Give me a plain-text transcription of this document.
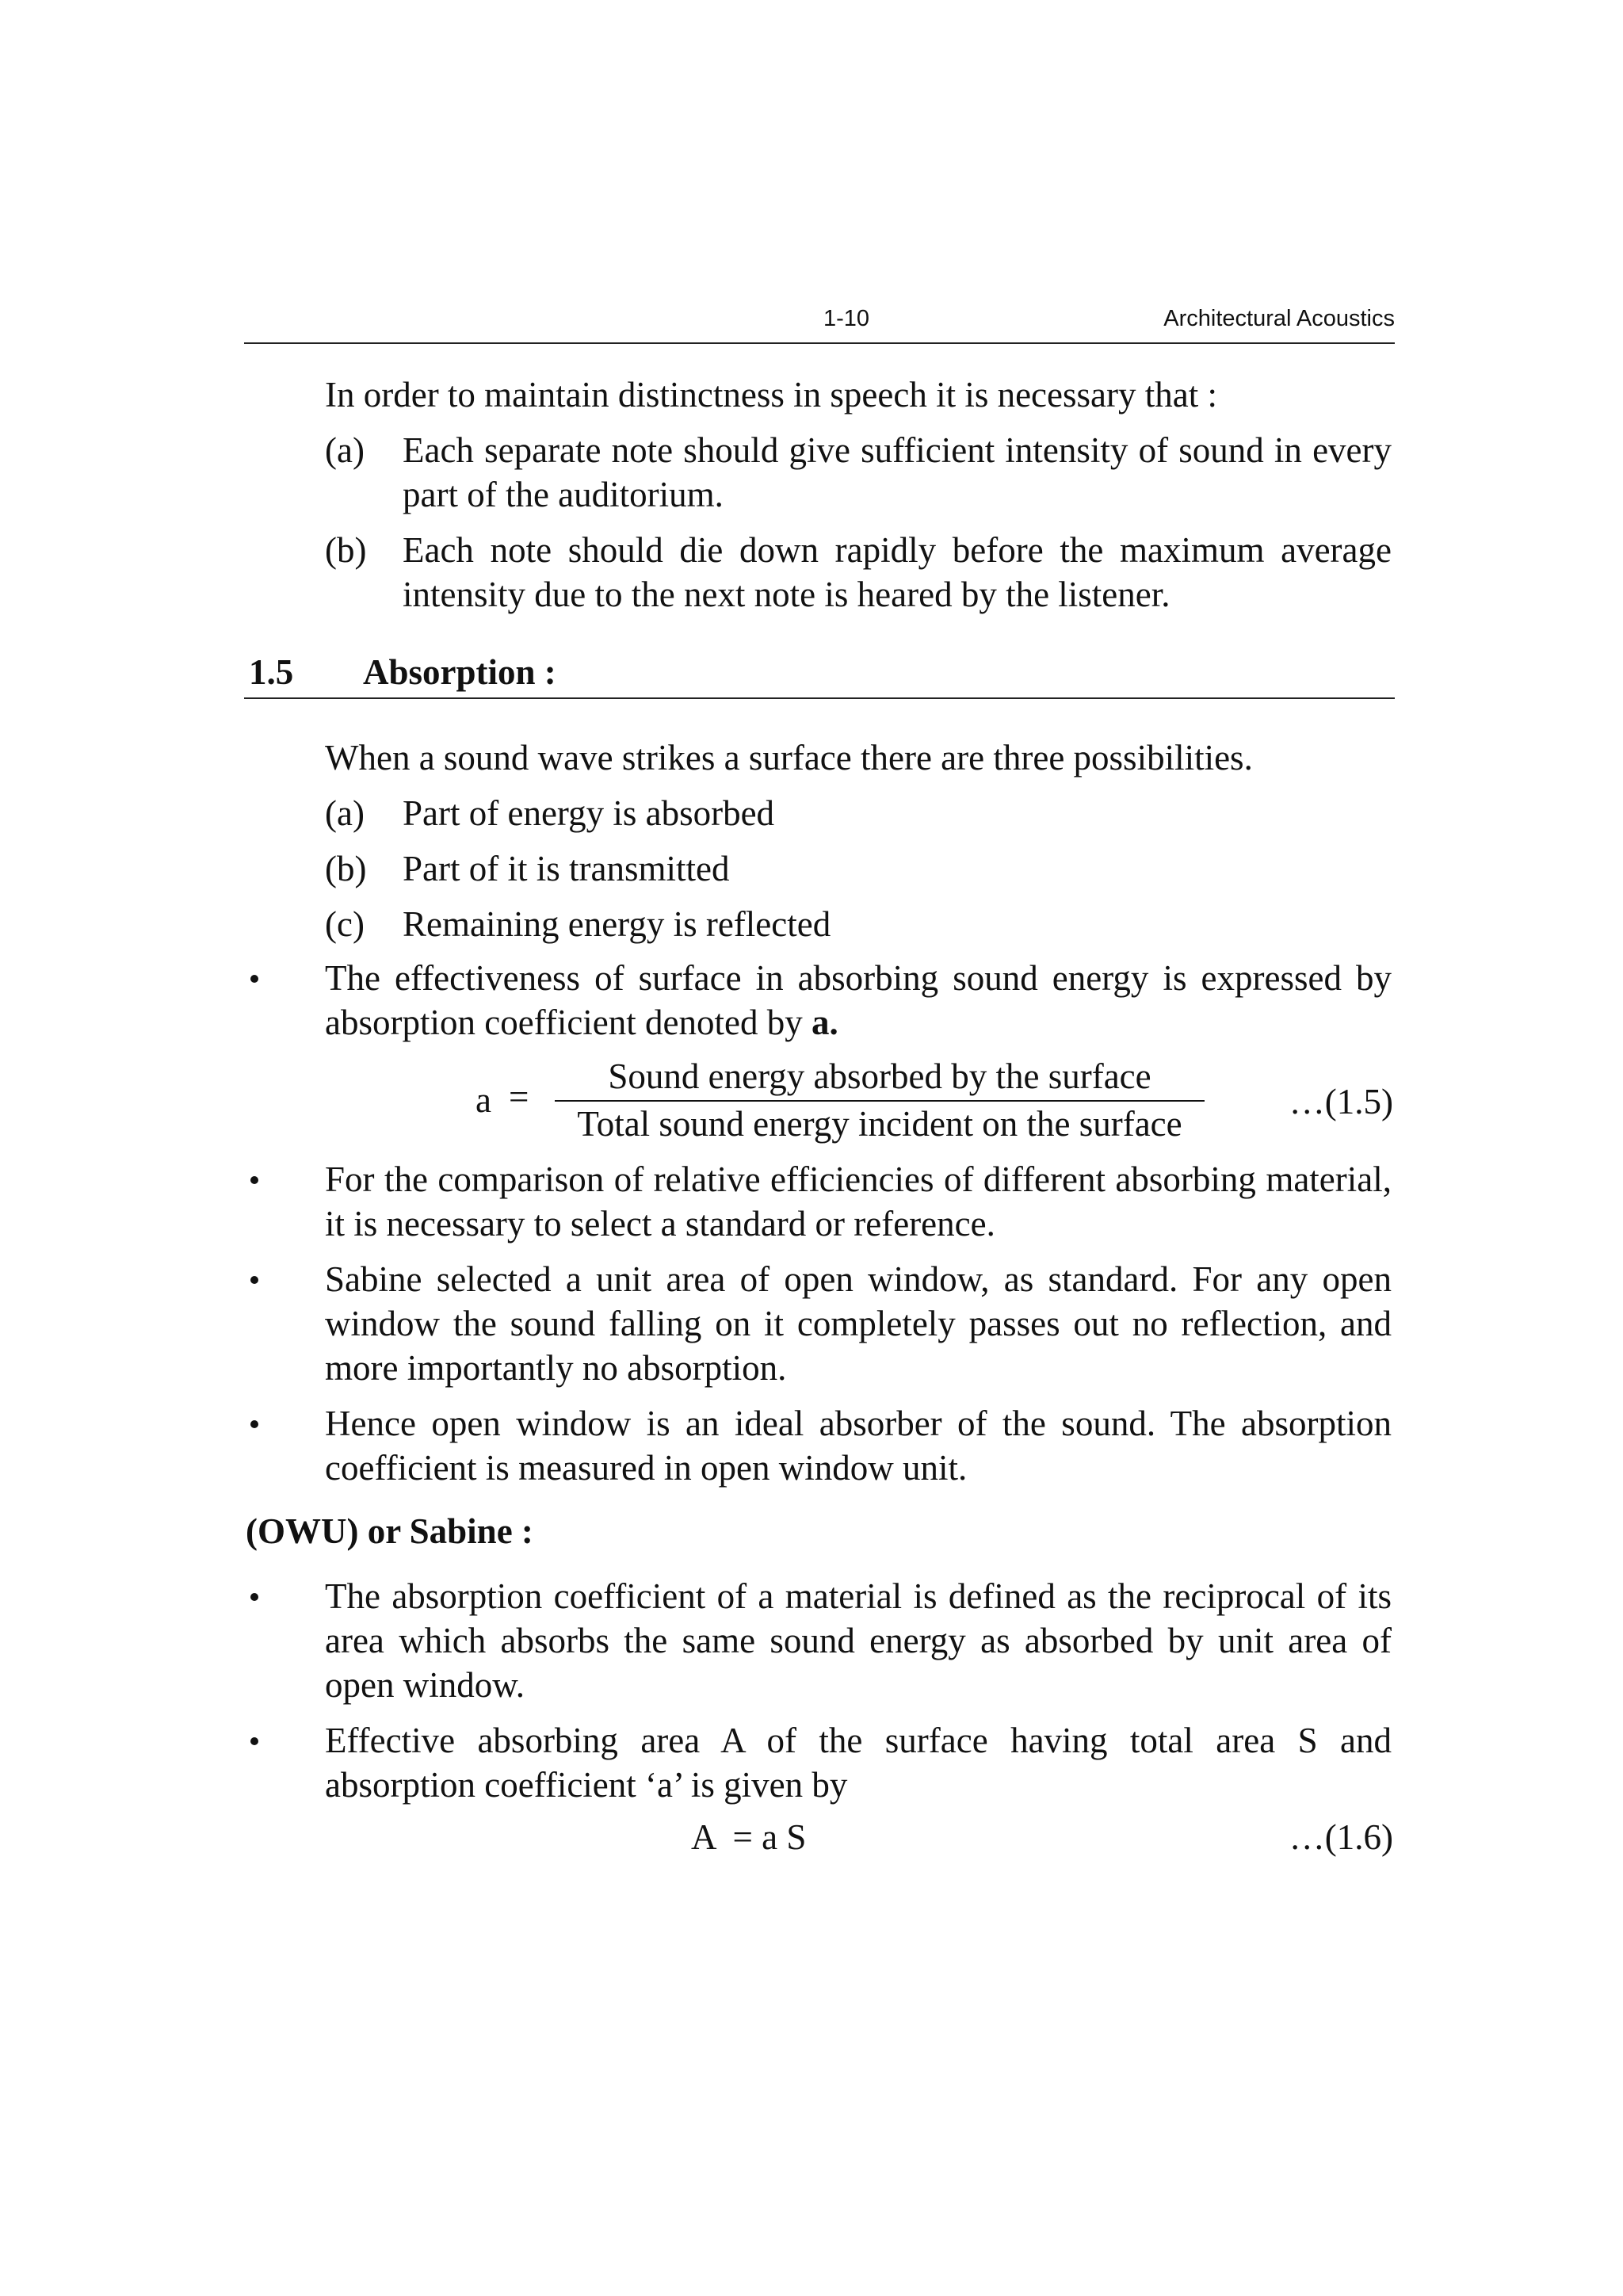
1-10	Architectural Acoustics
In order to maintain distinctness in speech it is necessary that :
(a)	Each separate note should give sufficient intensity of sound in every part of the auditorium.
(b)	Each note should die down rapidly before the maximum average intensity due to the next note is heared by the listener.
1.5 Absorption :
When a sound wave strikes a surface there are three possibilities.
(a)	Part of energy is absorbed
(b)	Part of it is transmitted
(c)	Remaining energy is reflected
The effectiveness of surface in absorbing sound energy is expressed by absorption coefficient denoted by a.
a =
Sound energy absorbed by the surface
Total sound energy incident on the surface
…(1.5)
For the comparison of relative efficiencies of different absorbing material, it is necessary to select a standard or reference.
Sabine selected a unit area of open window, as standard. For any open window the sound falling on it completely passes out no reflection, and more importantly no absorption.
Hence open window is an ideal absorber of the sound. The absorption coefficient is measured in open window unit.
(OWU) or Sabine :
The absorption coefficient of a material is defined as the reciprocal of its area which absorbs the same sound energy as absorbed by unit area of open window.
Effective absorbing area A of the surface having total area S and absorption coefficient ‘a’ is given by
A  = a S	…(1.6)
